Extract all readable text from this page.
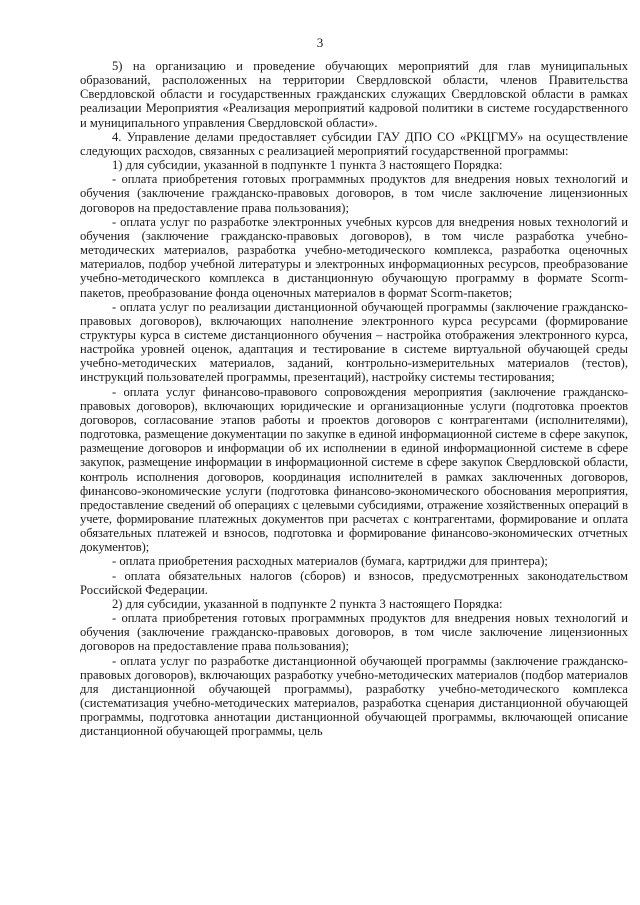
3

5) на организацию и проведение обучающих мероприятий для глав муниципальных образований, расположенных на территории Свердловской области, членов Правительства Свердловской области и государственных гражданских служащих Свердловской области в рамках реализации Мероприятия «Реализация мероприятий кадровой политики в системе государственного и муниципального управления Свердловской области».

4. Управление делами предоставляет субсидии ГАУ ДПО СО «РКЦГМУ» на осуществление следующих расходов, связанных с реализацией мероприятий государственной программы:

1) для субсидии, указанной в подпункте 1 пункта 3 настоящего Порядка:

- оплата приобретения готовых программных продуктов для внедрения новых технологий и обучения (заключение гражданско-правовых договоров, в том числе заключение лицензионных договоров на предоставление права пользования);

- оплата услуг по разработке электронных учебных курсов для внедрения новых технологий и обучения (заключение гражданско-правовых договоров), в том числе разработка учебно-методических материалов, разработка учебно-методического комплекса, разработка оценочных материалов, подбор учебной литературы и электронных информационных ресурсов, преобразование учебно-методического комплекса в дистанционную обучающую программу в формате Scorm-пакетов, преобразование фонда оценочных материалов в формат Scorm-пакетов;

- оплата услуг по реализации дистанционной обучающей программы (заключение гражданско-правовых договоров), включающих наполнение электронного курса ресурсами (формирование структуры курса в системе дистанционного обучения – настройка отображения электронного курса, настройка уровней оценок, адаптация и тестирование в системе виртуальной обучающей среды учебно-методических материалов, заданий, контрольно-измерительных материалов (тестов), инструкций пользователей программы, презентаций), настройку системы тестирования;

- оплата услуг финансово-правового сопровождения мероприятия (заключение гражданско-правовых договоров), включающих юридические и организационные услуги (подготовка проектов договоров, согласование этапов работы и проектов договоров с контрагентами (исполнителями), подготовка, размещение документации по закупке в единой информационной системе в сфере закупок, размещение договоров и информации об их исполнении в единой информационной системе в сфере закупок, размещение информации в информационной системе в сфере закупок Свердловской области, контроль исполнения договоров, координация исполнителей в рамках заключенных договоров, финансово-экономические услуги (подготовка финансово-экономического обоснования мероприятия, предоставление сведений об операциях с целевыми субсидиями, отражение хозяйственных операций в учете, формирование платежных документов при расчетах с контрагентами, формирование и оплата обязательных платежей и взносов, подготовка и формирование финансово-экономических отчетных документов);

- оплата приобретения расходных материалов (бумага, картриджи для принтера);

- оплата обязательных налогов (сборов) и взносов, предусмотренных законодательством Российской Федерации.

2) для субсидии, указанной в подпункте 2 пункта 3 настоящего Порядка:

- оплата приобретения готовых программных продуктов для внедрения новых технологий и обучения (заключение гражданско-правовых договоров, в том числе заключение лицензионных договоров на предоставление права пользования);

- оплата услуг по разработке дистанционной обучающей программы (заключение гражданско-правовых договоров), включающих разработку учебно-методических материалов (подбор материалов для дистанционной обучающей программы), разработку учебно-методического комплекса (систематизация учебно-методических материалов, разработка сценария дистанционной обучающей программы, подготовка аннотации дистанционной обучающей программы, включающей описание дистанционной обучающей программы, цель
